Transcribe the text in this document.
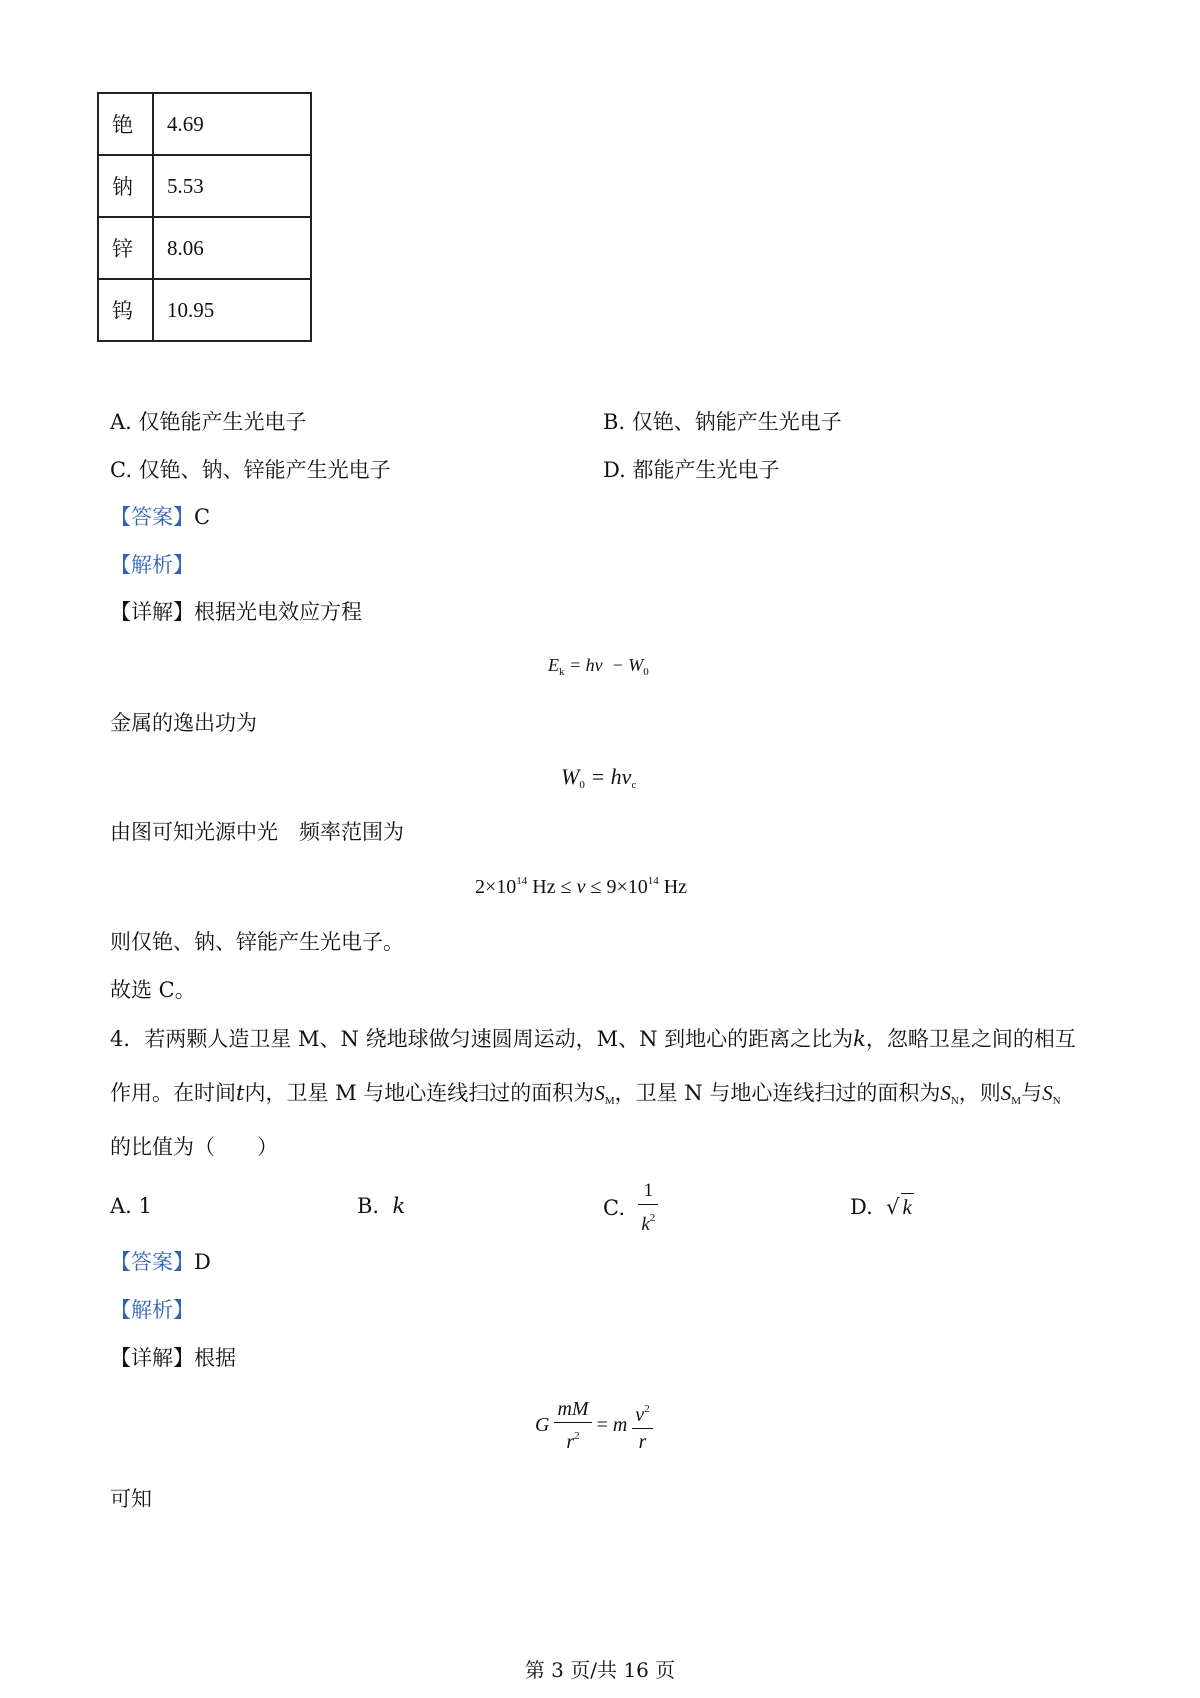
铯	4.69
钠	5.53
锌	8.06
钨	10.95
A. 仅铯能产生光电子	B. 仅铯、钠能产生光电子
C. 仅铯、钠、锌能产生光电子	D. 都能产生光电子
【答案】C
【解析】
【详解】根据光电效应方程
$E_k = h\nu - W_0$
金属的逸出功为
$W_0 = h\nu_c$
由图可知光源中光　频率范围为
$2\times 10^{14}$ $Hz \le \nu \le 9\times 10^{14}$ Hz
则仅铯、钠、锌能产生光电子。
故选 C。
4．若两颗人造卫星 M、N 绕地球做匀速圆周运动，M、N 到地心的距离之比为k，忽略卫星之间的相互
作用。在时间t内，卫星 M 与地心连线扫过的面积为$S_M$，卫星 N 与地心连线扫过的面积为$S_N$，则$S_M$与$S_N$
的比值为（　　）
A. 1	B. k	C. $\frac{1}{k^2}$	D. √ k
【答案】D
【解析】
【详解】根据
G $\frac{mM}{r^2} = m \frac{v^2}{r}$
可知
第 3 页/共 16 页
